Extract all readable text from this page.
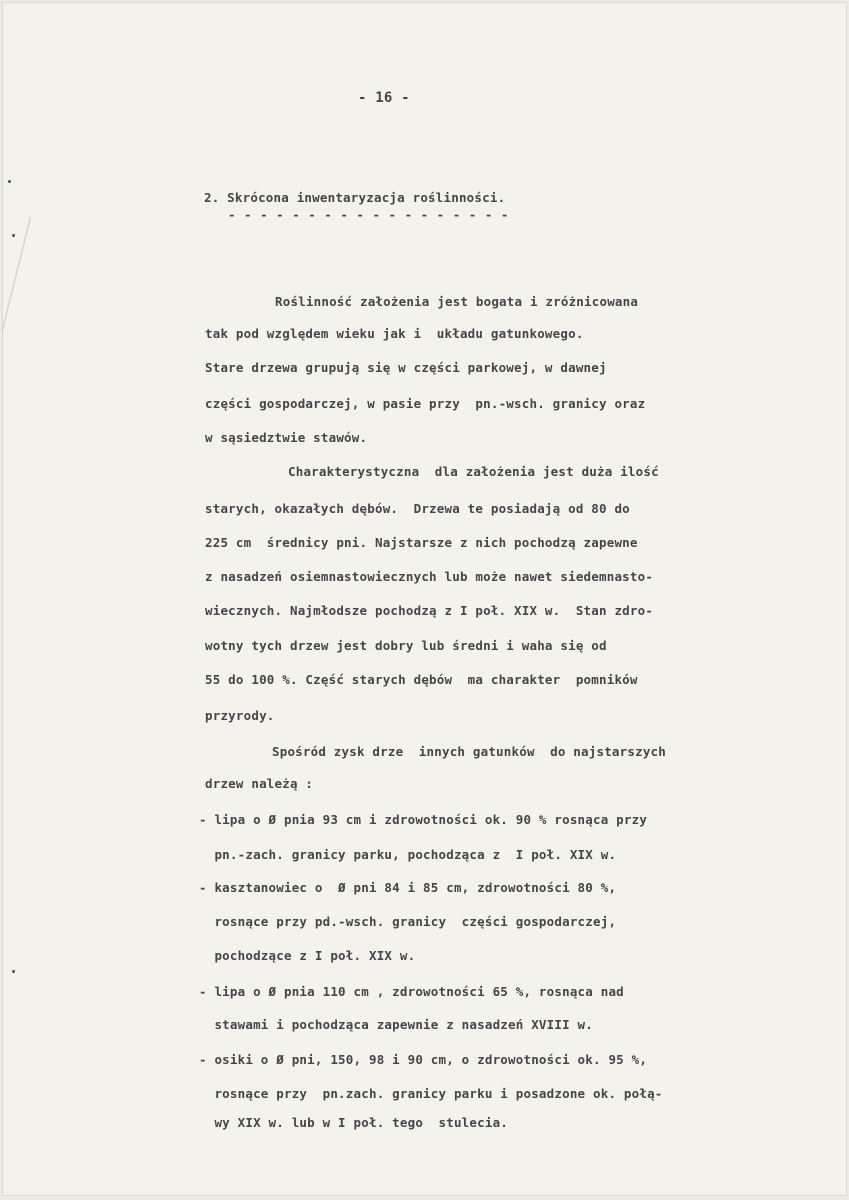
- 16 -
2. Skrócona inwentaryzacja roślinności.
- - - - - - - - - - - - - - - - - -
Roślinność założenia jest bogata i zróżnicowana
tak pod względem wieku jak i  układu gatunkowego.
Stare drzewa grupują się w części parkowej, w dawnej
części gospodarczej, w pasie przy  pn.-wsch. granicy oraz
w sąsiedztwie stawów.
Charakterystyczna  dla założenia jest duża ilość
starych, okazałych dębów.  Drzewa te posiadają od 80 do
225 cm  średnicy pni. Najstarsze z nich pochodzą zapewne
z nasadzeń osiemnastowiecznych lub może nawet siedemnasto-
wiecznych. Najmłodsze pochodzą z I poł. XIX w.  Stan zdro-
wotny tych drzew jest dobry lub średni i waha się od
55 do 100 %. Część starych dębów  ma charakter  pomników
przyrody.
Spośród zysk drze  innych gatunków  do najstarszych
drzew należą :
- lipa o Ø pnia 93 cm i zdrowotności ok. 90 % rosnąca przy
pn.-zach. granicy parku, pochodząca z  I poł. XIX w.
- kasztanowiec o  Ø pni 84 i 85 cm, zdrowotności 80 %,
rosnące przy pd.-wsch. granicy  części gospodarczej,
pochodzące z I poł. XIX w.
- lipa o Ø pnia 110 cm , zdrowotności 65 %, rosnąca nad
stawami i pochodząca zapewnie z nasadzeń XVIII w.
- osiki o Ø pni, 150, 98 i 90 cm, o zdrowotności ok. 95 %,
rosnące przy  pn.zach. granicy parku i posadzone ok. połą-
wy XIX w. lub w I poł. tego  stulecia.
